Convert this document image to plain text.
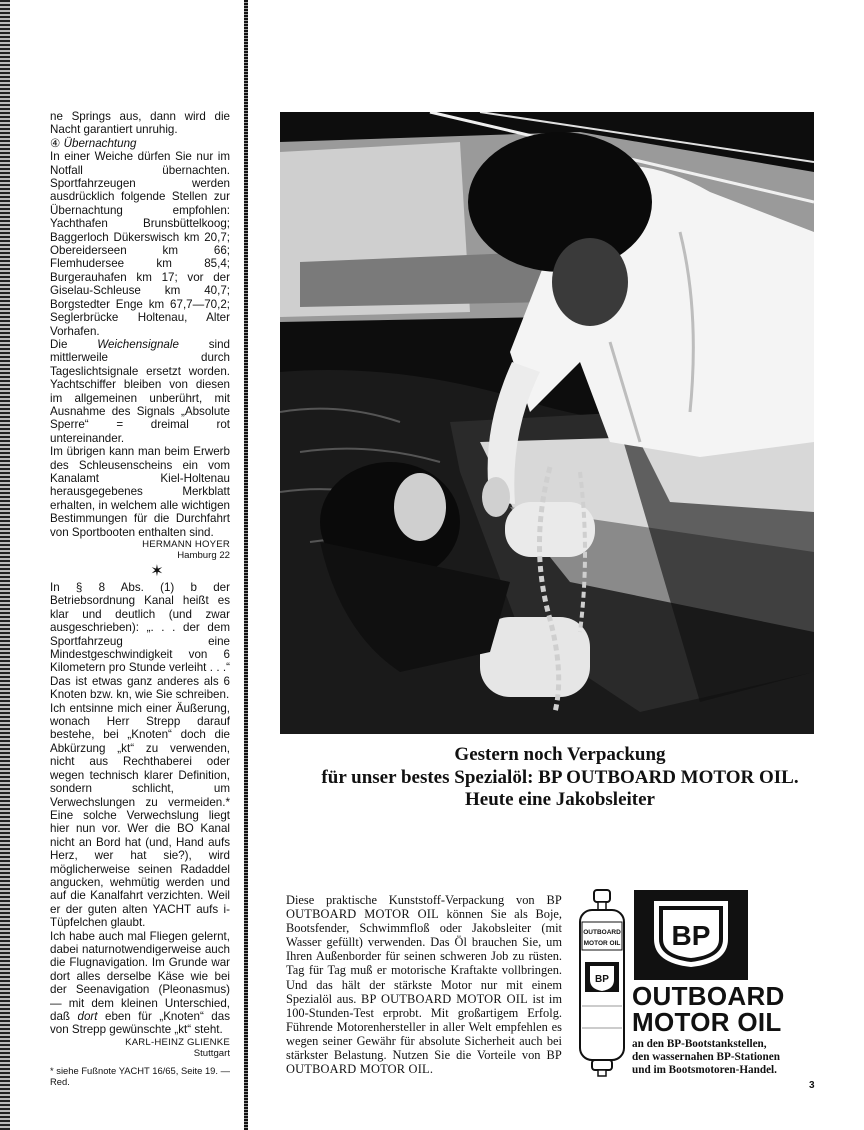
ne Springs aus, dann wird die Nacht garantiert unruhig.

④ Übernachtung

In einer Weiche dürfen Sie nur im Notfall übernachten. Sportfahrzeugen werden ausdrücklich folgende Stellen zur Übernachtung empfohlen: Yachthafen Brunsbüttelkoog; Baggerloch Dükerswisch km 20,7; Obereiderseen km 66; Flemhudersee km 85,4; Burgerauhafen km 17; vor der Giselau-Schleuse km 40,7; Borgstedter Enge km 67,7—70,2; Seglerbrücke Holtenau, Alter Vorhafen.

Die Weichensignale sind mittlerweile durch Tageslichtsignale ersetzt worden. Yachtschiffer bleiben von diesen im allgemeinen unberührt, mit Ausnahme des Signals „Absolute Sperre“ = dreimal rot untereinander.

Im übrigen kann man beim Erwerb des Schleusenscheins ein vom Kanalamt Kiel-Holtenau herausgegebenes Merkblatt erhalten, in welchem alle wichtigen Bestimmungen für die Durchfahrt von Sportbooten enthalten sind.

HERMANN HOYER

Hamburg 22

✶

In § 8 Abs. (1) b der Betriebsordnung Kanal heißt es klar und deutlich (und zwar ausgeschrieben): „. . . der dem Sportfahrzeug eine Mindestgeschwindigkeit von 6 Kilometern pro Stunde verleiht . . .“ Das ist etwas ganz anderes als 6 Knoten bzw. kn, wie Sie schreiben.

Ich entsinne mich einer Äußerung, wonach Herr Strepp darauf bestehe, bei „Knoten“ doch die Abkürzung „kt“ zu verwenden, nicht aus Rechthaberei oder wegen technisch klarer Definition, sondern schlicht, um Verwechslungen zu vermeiden.* Eine solche Verwechslung liegt hier nun vor. Wer die BO Kanal nicht an Bord hat (und, Hand aufs Herz, wer hat sie?), wird möglicherweise seinen Radaddel angucken, wehmütig werden und auf die Kanalfahrt verzichten. Weil er der guten alten YACHT aufs i-Tüpfelchen glaubt.

Ich habe auch mal Fliegen gelernt, dabei naturnotwendigerweise auch die Flugnavigation. Im Grunde war dort alles derselbe Käse wie bei der Seenavigation (Pleonasmus) — mit dem kleinen Unterschied, daß dort eben für „Knoten“ das von Strepp gewünschte „kt“ steht.

KARL-HEINZ GLIENKE

Stuttgart

* siehe Fußnote YACHT 16/65, Seite 19. — Red.

Gestern noch Verpackung
für unser bestes Spezialöl: BP OUTBOARD MOTOR OIL.
Heute eine Jakobsleiter
Diese praktische Kunststoff-Verpackung von BP OUTBOARD MOTOR OIL können Sie als Boje, Bootsfender, Schwimmfloß oder Jakobsleiter (mit Wasser gefüllt) verwenden. Das Öl brauchen Sie, um Ihren Außenborder für seinen schweren Job zu rüsten. Tag für Tag muß er motorische Kraftakte vollbringen. Und das hält der stärkste Motor nur mit einem Spezialöl aus. BP OUTBOARD MOTOR OIL ist im 100-Stunden-Test erprobt. Mit großartigem Erfolg. Führende Motorenhersteller in aller Welt empfehlen es wegen seiner Gewähr für absolute Sicherheit auch bei stärkster Belastung. Nutzen Sie die Vorteile von BP OUTBOARD MOTOR OIL.
OUTBOARD
MOTOR OIL
BP
BP
OUTBOARD
MOTOR OIL
an den BP-Bootstankstellen,
den wassernahen BP-Stationen
und im Bootsmotoren-Handel.
3
